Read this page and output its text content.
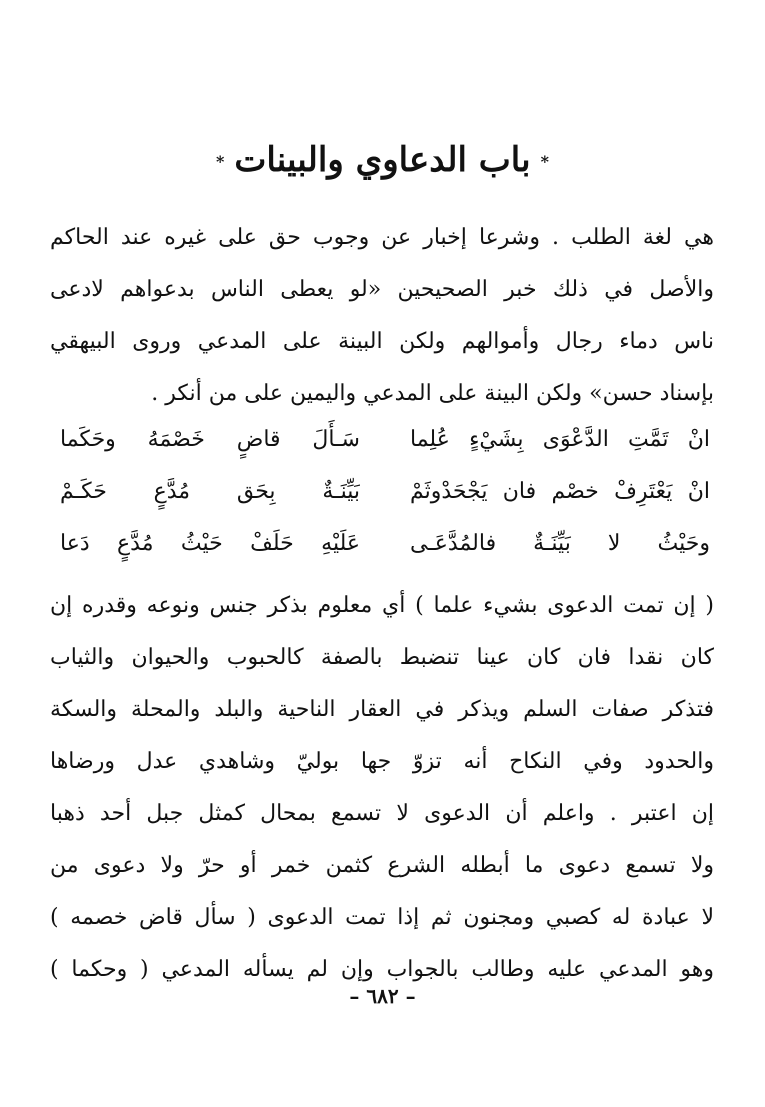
*باب الدعاوي والبينات*
هي لغة الطلب . وشرعا إخبار عن وجوب حق على غيره عند الحاكم
والأصل في ذلك خبر الصحيحين «لو يعطى الناس بدعواهم لادعى
ناس دماء رجال وأموالهم ولكن البينة على المدعي وروى البيهقي
بإسناد حسن» ولكن البينة على المدعي واليمين على من أنكر .
انْ تَمَّتِ الدَّعْوَى بِشَيْءٍ عُلِما
سَـأَلَ قاضٍ خَصْمَهُ وحَكَما
انْ يَعْتَرِفْ خصْم فان يَجْحَدْوثَمْ
بَيِّنَـةٌ بِحَق مُدَّعٍ حَكَـمْ
وحَيْثُ لا بَيِّنَـةٌ فالمُدَّعَـى
عَلَيْهِ حَلَفْ حَيْثُ مُدَّعٍ دَعا
( إن تمت الدعوى بشيء علما ) أي معلوم بذكر جنس ونوعه وقدره إن
كان نقدا فان كان عينا تنضبط بالصفة كالحبوب والحيوان والثياب
فتذكر صفات السلم ويذكر في العقار الناحية والبلد والمحلة والسكة
والحدود وفي النكاح أنه تزوّ جها بوليّ وشاهدي عدل ورضاها
إن اعتبر . واعلم أن الدعوى لا تسمع بمحال كمثل جبل أحد ذهبا
ولا تسمع دعوى ما أبطله الشرع كثمن خمر أو حرّ ولا دعوى من
لا عبادة له كصبي ومجنون ثم إذا تمت الدعوى ( سأل قاض خصمه )
وهو المدعي عليه وطالب بالجواب وإن لم يسأله المدعي ( وحكما )
– ٦٨٢ –
